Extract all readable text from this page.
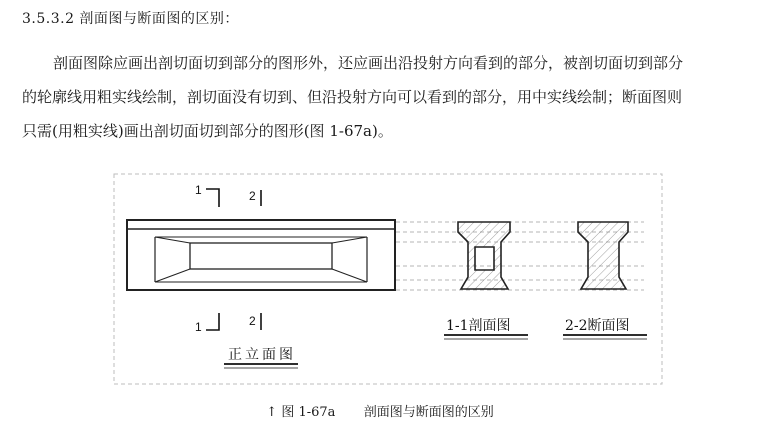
3.5.3.2 剖面图与断面图的区别：

剖面图除应画出剖切面切到部分的图形外，还应画出沿投射方向看到的部分，被剖切面切到部分
的轮廓线用粗实线绘制，剖切面没有切到、但沿投射方向可以看到的部分，用中实线绘制；断面图则
只需(用粗实线)画出剖切面切到部分的图形(图 1-67a)。

1	2
1	2
正立面图
1-1剖面图	2-2断面图
↑ 图 1-67a 剖面图与断面图的区别
